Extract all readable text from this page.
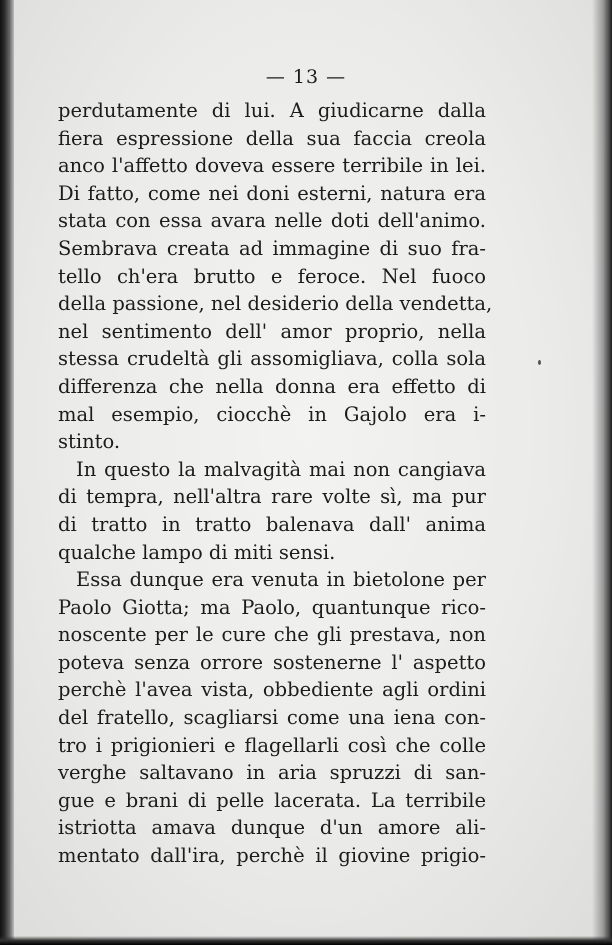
— 13 —
perdutamente di lui. A giudicarne dalla
fiera espressione della sua faccia creola
anco l'affetto doveva essere terribile in lei.
Di fatto, come nei doni esterni, natura era
stata con essa avara nelle doti dell'animo.
Sembrava creata ad immagine di suo fra-
tello ch'era brutto e feroce. Nel fuoco
della passione, nel desiderio della vendetta,
nel sentimento dell' amor proprio, nella
stessa crudeltà gli assomigliava, colla sola
differenza che nella donna era effetto di
mal esempio, ciocchè in Gajolo era i-
stinto.
In questo la malvagità mai non cangiava
di tempra, nell'altra rare volte sì, ma pur
di tratto in tratto balenava dall' anima
qualche lampo di miti sensi.
Essa dunque era venuta in bietolone per
Paolo Giotta; ma Paolo, quantunque rico-
noscente per le cure che gli prestava, non
poteva senza orrore sostenerne l' aspetto
perchè l'avea vista, obbediente agli ordini
del fratello, scagliarsi come una iena con-
tro i prigionieri e flagellarli così che colle
verghe saltavano in aria spruzzi di san-
gue e brani di pelle lacerata. La terribile
istriotta amava dunque d'un amore ali-
mentato dall'ira, perchè il giovine prigio-
